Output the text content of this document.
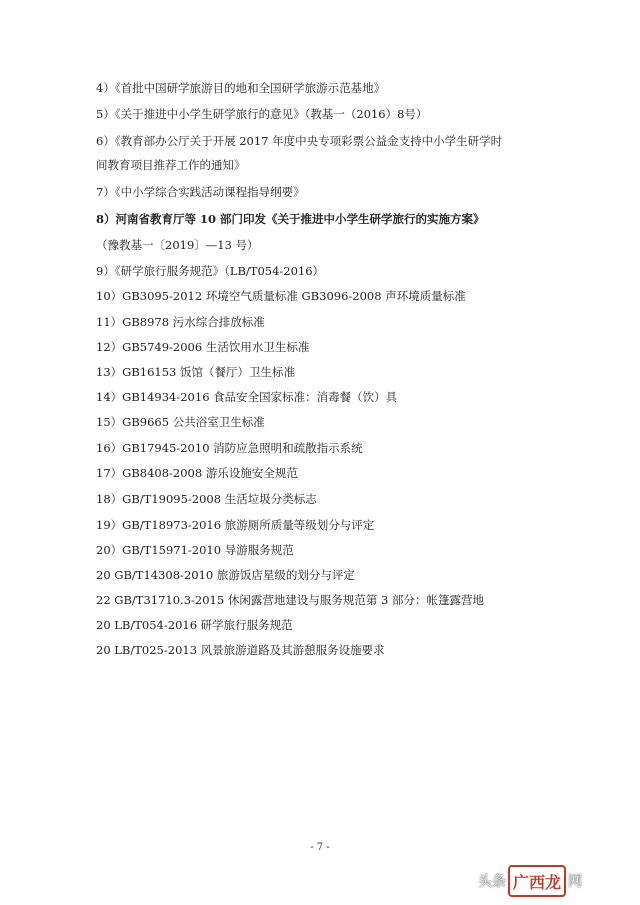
4）《首批中国研学旅游目的地和全国研学旅游示范基地》
5）《关于推进中小学生研学旅行的意见》（教基一（2016）8号）
6）《教育部办公厅关于开展 2017 年度中央专项彩票公益金支持中小学生研学时
间教育项目推荐工作的通知》
7）《中小学综合实践活动课程指导纲要》
8）河南省教育厅等 10 部门印发《关于推进中小学生研学旅行的实施方案》
（豫教基一〔2019〕—13 号）
9）《研学旅行服务规范》（LB/T054-2016）
10）GB3095-2012 环境空气质量标准 GB3096-2008 声环境质量标准
11）GB8978 污水综合排放标准
12）GB5749-2006 生活饮用水卫生标准
13）GB16153 饭馆（餐厅）卫生标准
14）GB14934-2016 食品安全国家标准：消毒餐（饮）具
15）GB9665 公共浴室卫生标准
16）GB17945-2010 消防应急照明和疏散指示系统
17）GB8408-2008 游乐设施安全规范
18）GB/T19095-2008 生活垃圾分类标志
19）GB/T18973-2016 旅游厕所质量等级划分与评定
20）GB/T15971-2010 导游服务规范
20 GB/T14308-2010 旅游饭店星级的划分与评定
22 GB/T31710.3-2015 休闲露营地建设与服务规范第 3 部分：帐篷露营地
20 LB/T054-2016 研学旅行服务规范
20 LB/T025-2013 风景旅游道路及其游憩服务设施要求
- 7 -
头条 广西龙 网
